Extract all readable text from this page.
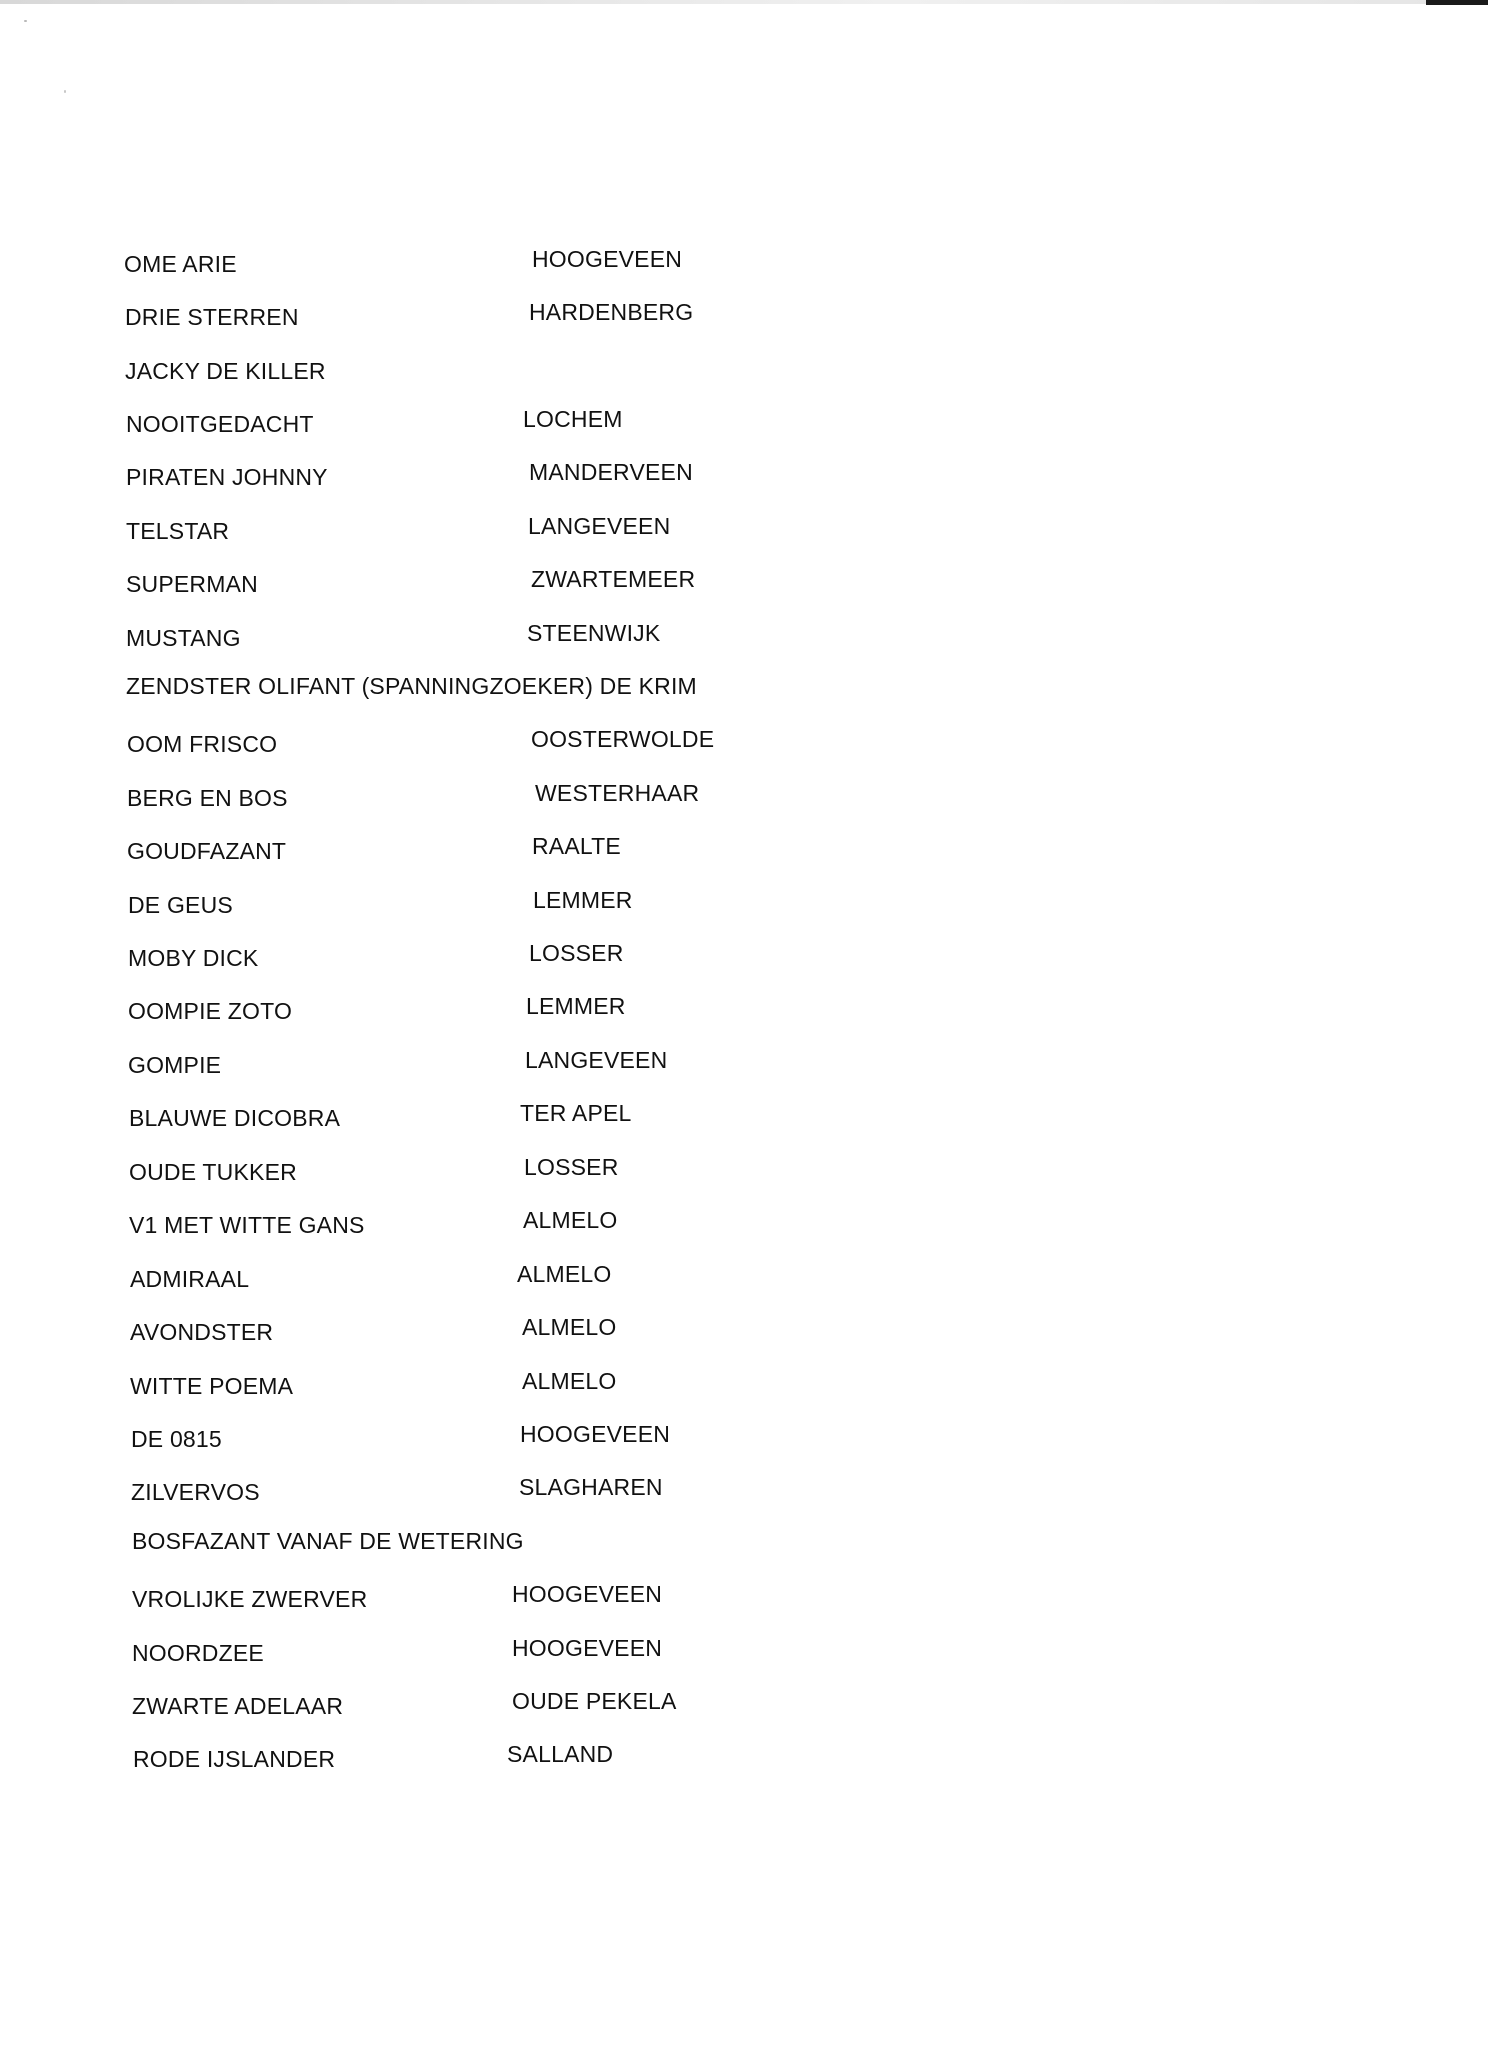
OME ARIE	HOOGEVEEN
DRIE STERREN	HARDENBERG
JACKY DE KILLER
NOOITGEDACHT	LOCHEM
PIRATEN JOHNNY	MANDERVEEN
TELSTAR	LANGEVEEN
SUPERMAN	ZWARTEMEER
MUSTANG	STEENWIJK
ZENDSTER OLIFANT (SPANNINGZOEKER) DE KRIM
OOM FRISCO	OOSTERWOLDE
BERG EN BOS	WESTERHAAR
GOUDFAZANT	RAALTE
DE GEUS	LEMMER
MOBY DICK	LOSSER
OOMPIE ZOTO	LEMMER
GOMPIE	LANGEVEEN
BLAUWE DICOBRA	TER APEL
OUDE TUKKER	LOSSER
V1 MET WITTE GANS	ALMELO
ADMIRAAL	ALMELO
AVONDSTER	ALMELO
WITTE POEMA	ALMELO
DE 0815	HOOGEVEEN
ZILVERVOS	SLAGHAREN
BOSFAZANT VANAF DE WETERING
VROLIJKE ZWERVER	HOOGEVEEN
NOORDZEE	HOOGEVEEN
ZWARTE ADELAAR	OUDE PEKELA
RODE IJSLANDER	SALLAND
